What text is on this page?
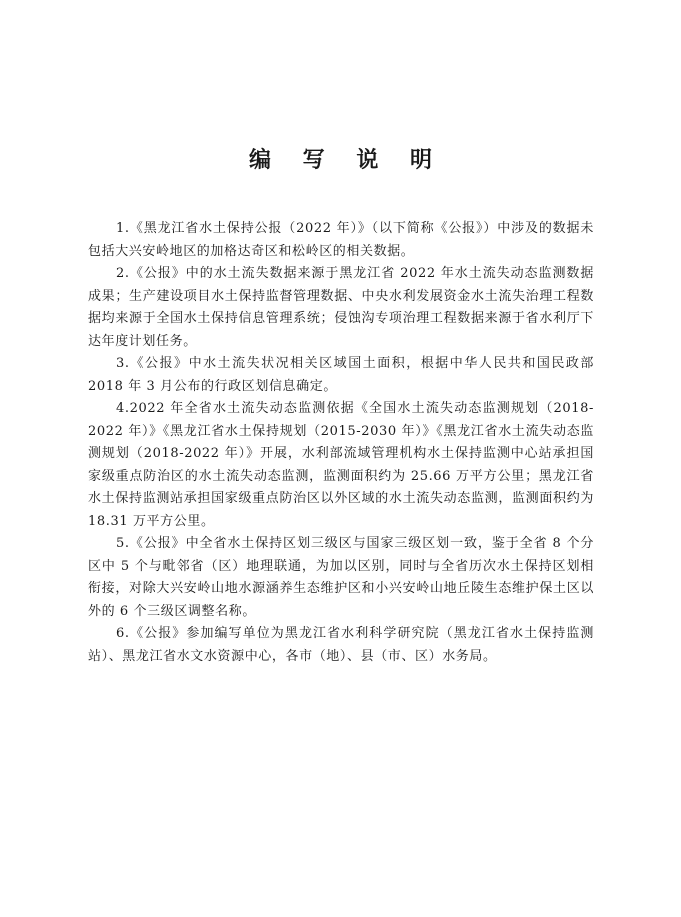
编 写 说 明

1.《黑龙江省水土保持公报（2022 年）》（以下简称《公报》）中涉及的数据未包括大兴安岭地区的加格达奇区和松岭区的相关数据。

2.《公报》中的水土流失数据来源于黑龙江省 2022 年水土流失动态监测数据成果；生产建设项目水土保持监督管理数据、中央水利发展资金水土流失治理工程数据均来源于全国水土保持信息管理系统；侵蚀沟专项治理工程数据来源于省水利厅下达年度计划任务。

3.《公报》中水土流失状况相关区域国土面积，根据中华人民共和国民政部 2018 年 3 月公布的行政区划信息确定。

4.2022 年全省水土流失动态监测依据《全国水土流失动态监测规划（2018-2022 年）》《黑龙江省水土保持规划（2015-2030 年）》《黑龙江省水土流失动态监测规划（2018-2022 年）》开展，水利部流域管理机构水土保持监测中心站承担国家级重点防治区的水土流失动态监测，监测面积约为 25.66 万平方公里；黑龙江省水土保持监测站承担国家级重点防治区以外区域的水土流失动态监测，监测面积约为 18.31 万平方公里。

5.《公报》中全省水土保持区划三级区与国家三级区划一致，鉴于全省 8 个分区中 5 个与毗邻省（区）地理联通，为加以区别，同时与全省历次水土保持区划相衔接，对除大兴安岭山地水源涵养生态维护区和小兴安岭山地丘陵生态维护保土区以外的 6 个三级区调整名称。

6.《公报》参加编写单位为黑龙江省水利科学研究院（黑龙江省水土保持监测站）、黑龙江省水文水资源中心，各市（地）、县（市、区）水务局。
